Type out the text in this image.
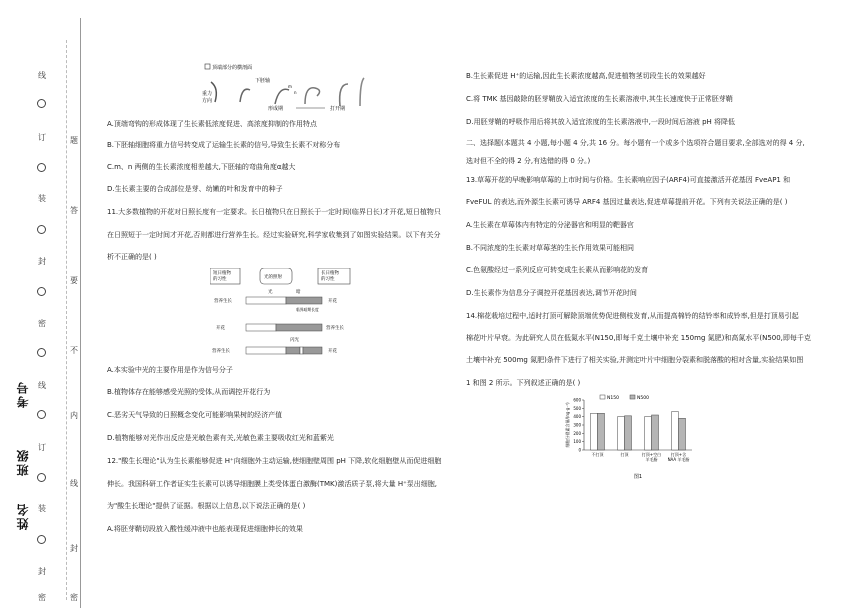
线
订
装
封
密
线
订
装
封
密
题
答
要
不
内
线
封
密
考号
班级
姓名
顶端部分的横剖面
重力
方向
下胚轴
形成期	打开期
m
n

A.顶端弯钩的形成体现了生长素低浓度促进、高浓度抑制的作用特点

B.下胚轴细胞将重力信号转变成了运输生长素的信号,导致生长素不对称分布

C.m、n 两侧的生长素浓度相差越大,下胚轴的弯曲角度α越大

D.生长素主要的合成部位是芽、幼嫩的叶和发育中的种子

11.大多数植物的开花对日照长度有一定要求。长日植物只在日照长于一定时间(临界日长)才开花,短日植物只

在日照短于一定时间才开花,否则都进行营养生长。经过实验研究,科学家收集到了如图实验结果。以下有关分

析不正确的是( )

A.本实验中光的主要作用是作为信号分子

B.植物体存在能够感受光照的受体,从而调控开花行为

C.恶劣天气导致的日照概念变化可能影响果树的经济产值

D.植物能够对光作出反应是光敏色素有关,光敏色素主要吸收红光和蓝紫光

12."酸生长理论"认为生长素能够促进 H⁺向细胞外主动运输,使细胞壁周围 pH 下降,软化细胞壁从而促进细胞

伸长。我国科研工作者证实生长素可以诱导细胞膜上类受体蛋白激酶(TMK)激活质子泵,将大量 H⁺泵出细胞,

为"酸生长理论"提供了证据。根据以上信息,以下说法正确的是( )

A.将胚芽鞘切段放入酸性缓冲液中也能表现促进细胞伸长的效果

短日植物的习性	光的照射
长日植物的习性
光	暗
营养生长	开花
临界暗期长度
开花	营养生长
闪光
营养生长	开花

B.生长素促进 H⁺的运输,因此生长素浓度越高,促进植物茎切段生长的效果越好

C.将 TMK 基因敲除的胚芽鞘放入适宜浓度的生长素溶液中,其生长速度快于正常胚芽鞘

D.用胚芽鞘的呼吸作用后将其放入适宜浓度的生长素溶液中,一段时间后溶液 pH 将降低

二、选择题(本题共 4 小题,每小题 4 分,共 16 分。每小题有一个或多个选项符合题目要求,全部选对的得 4 分,

选对但不全的得 2 分,有选错的得 0 分。)

13.草莓开花的早晚影响草莓的上市时间与价格。生长素响应因子(ARF4)可直接激活开花基因 FveAP1 和

FveFUL 的表达,而外源生长素可诱导 ARF4 基因过量表达,促进草莓提前开花。下列有关说法正确的是( )

A.生长素在草莓体内有特定的分泌器官和明显的靶器官

B.不同浓度的生长素对草莓茎的生长作用效果可能相同

C.色氨酸经过一系列反应可转变成生长素从而影响花的发育

D.生长素作为信息分子调控开花基因表达,调节开花时间

14.棉花栽培过程中,适时打顶可解除顶端优势促进侧枝发育,从而提高棉铃的结铃率和成铃率,但是打顶易引起

棉花叶片早衰。为此研究人员在低氮水平(N150,即每千克土壤中补充 150mg 氮肥)和高氮水平(N500,即每千克

土壤中补充 500mg 氮肥)条件下进行了相关实验,并测定叶片中细胞分裂素和脱落酸的相对含量,实验结果如图

1 和图 2 所示。下列叙述正确的是( )

0
100
200
300
400
500
600
细胞分裂素含量/(ng·g⁻¹)
不打顶	打顶	打顶+空白
羊毛脂
打顶+含
NAA 羊毛脂
N150	N500
图1
